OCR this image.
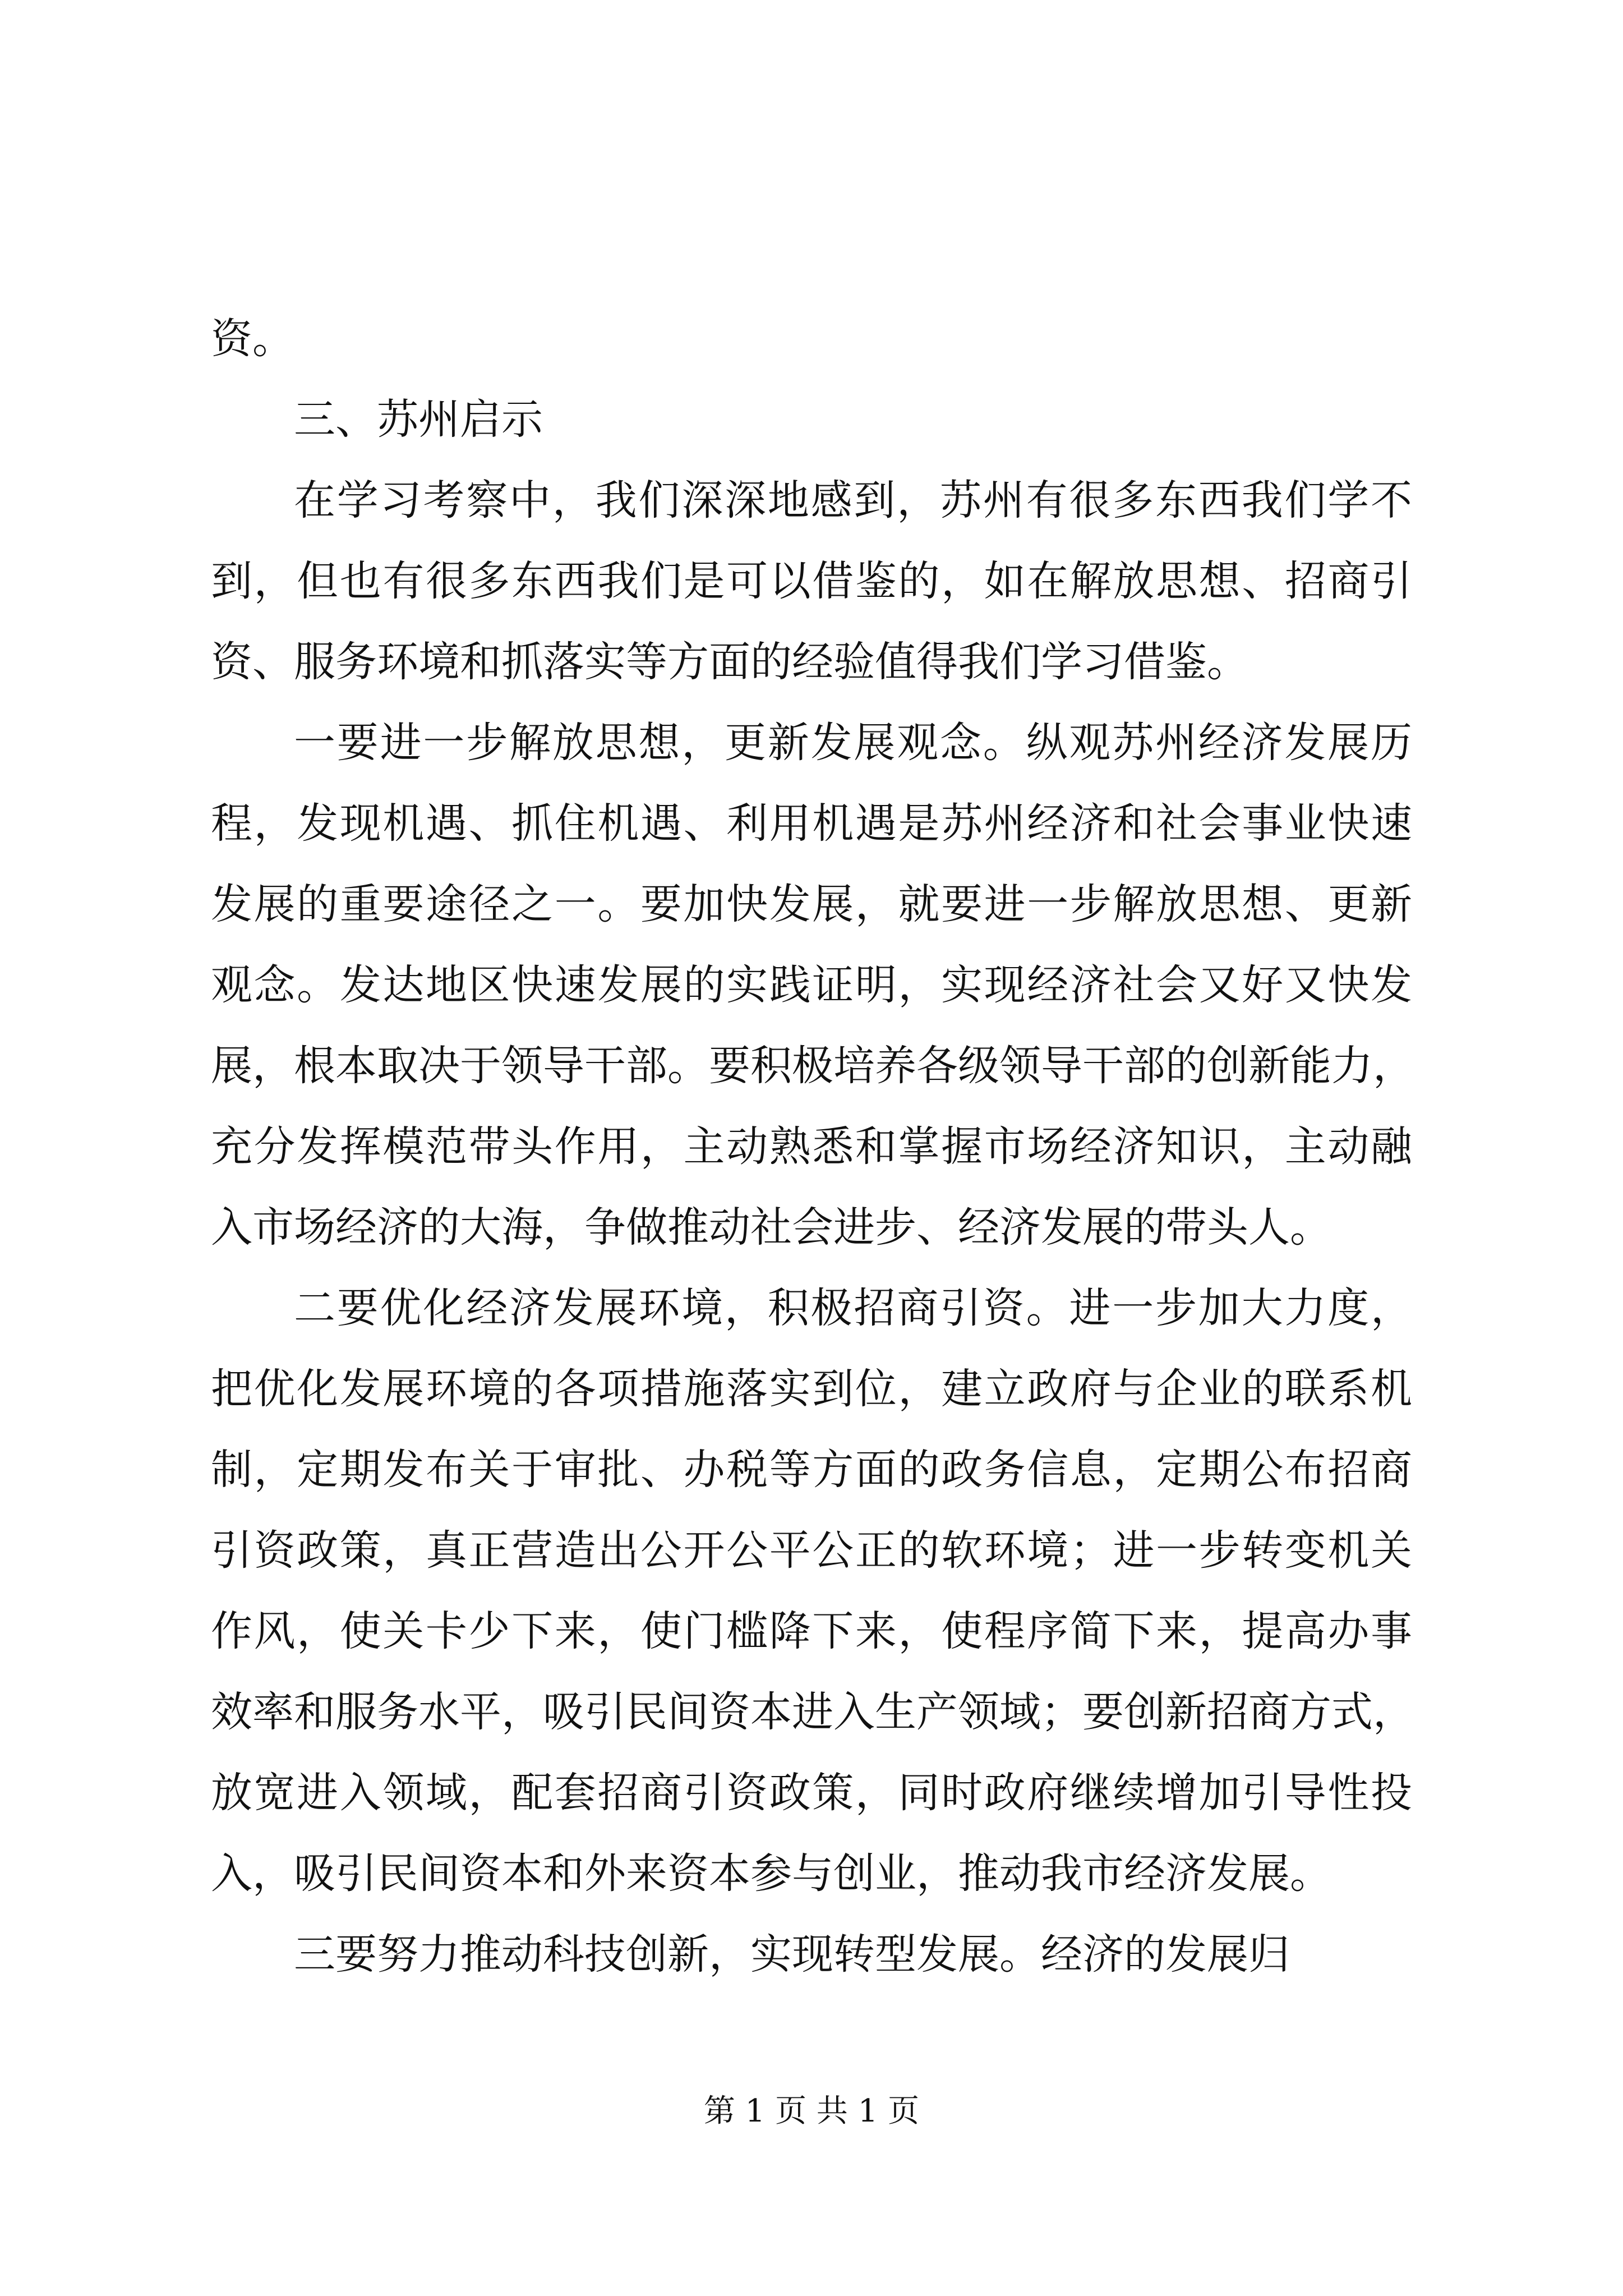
资。
三、苏州启示
在学习考察中，我们深深地感到，苏州有很多东西我们学不
到，但也有很多东西我们是可以借鉴的，如在解放思想、招商引
资、服务环境和抓落实等方面的经验值得我们学习借鉴。
一要进一步解放思想，更新发展观念。纵观苏州经济发展历
程，发现机遇、抓住机遇、利用机遇是苏州经济和社会事业快速
发展的重要途径之一。要加快发展，就要进一步解放思想、更新
观念。发达地区快速发展的实践证明，实现经济社会又好又快发
展，根本取决于领导干部。要积极培养各级领导干部的创新能力，
充分发挥模范带头作用，主动熟悉和掌握市场经济知识，主动融
入市场经济的大海，争做推动社会进步、经济发展的带头人。
二要优化经济发展环境，积极招商引资。进一步加大力度，
把优化发展环境的各项措施落实到位，建立政府与企业的联系机
制，定期发布关于审批、办税等方面的政务信息，定期公布招商
引资政策，真正营造出公开公平公正的软环境；进一步转变机关
作风，使关卡少下来，使门槛降下来，使程序简下来，提高办事
效率和服务水平，吸引民间资本进入生产领域；要创新招商方式，
放宽进入领域，配套招商引资政策，同时政府继续增加引导性投
入，吸引民间资本和外来资本参与创业，推动我市经济发展。
三要努力推动科技创新，实现转型发展。经济的发展归
第 1 页 共 1 页
